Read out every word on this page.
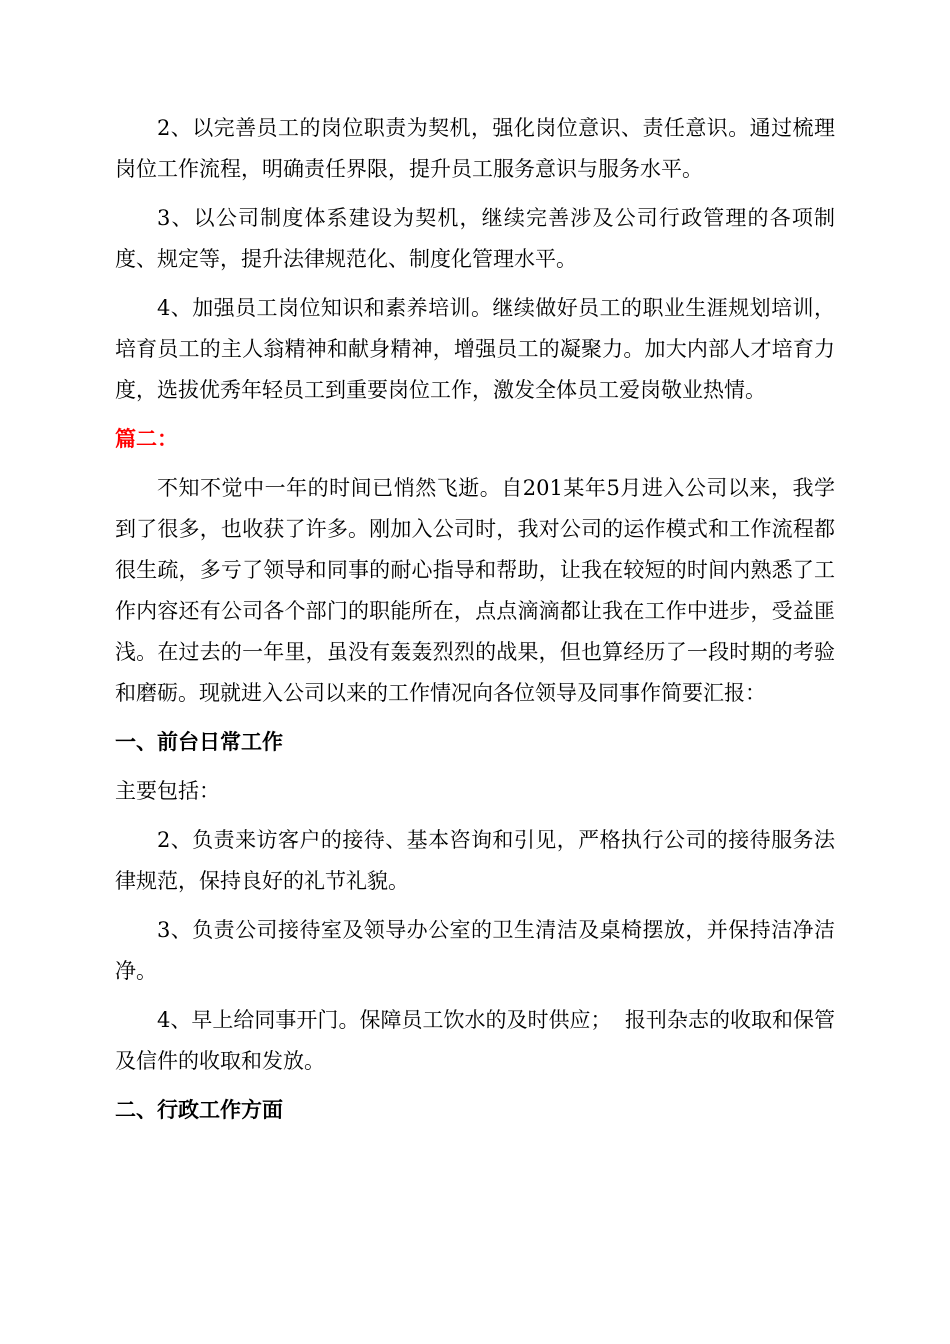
2、以完善员工的岗位职责为契机，强化岗位意识、责任意识。通过梳理岗位工作流程，明确责任界限，提升员工服务意识与服务水平。

3、以公司制度体系建设为契机，继续完善涉及公司行政管理的各项制度、规定等，提升法律规范化、制度化管理水平。

4、加强员工岗位知识和素养培训。继续做好员工的职业生涯规划培训，培育员工的主人翁精神和献身精神，增强员工的凝聚力。加大内部人才培育力度，选拔优秀年轻员工到重要岗位工作，激发全体员工爱岗敬业热情。

篇二：

不知不觉中一年的时间已悄然飞逝。自201某年5月进入公司以来，我学到了很多，也收获了许多。刚加入公司时，我对公司的运作模式和工作流程都很生疏，多亏了领导和同事的耐心指导和帮助，让我在较短的时间内熟悉了工作内容还有公司各个部门的职能所在，点点滴滴都让我在工作中进步，受益匪浅。在过去的一年里，虽没有轰轰烈烈的战果，但也算经历了一段时期的考验和磨砺。现就进入公司以来的工作情况向各位领导及同事作简要汇报：

一、前台日常工作

主要包括：

2、负责来访客户的接待、基本咨询和引见，严格执行公司的接待服务法律规范，保持良好的礼节礼貌。

3、负责公司接待室及领导办公室的卫生清洁及桌椅摆放，并保持洁净洁净。

4、早上给同事开门。保障员工饮水的及时供应；  报刊杂志的收取和保管及信件的收取和发放。

二、行政工作方面
